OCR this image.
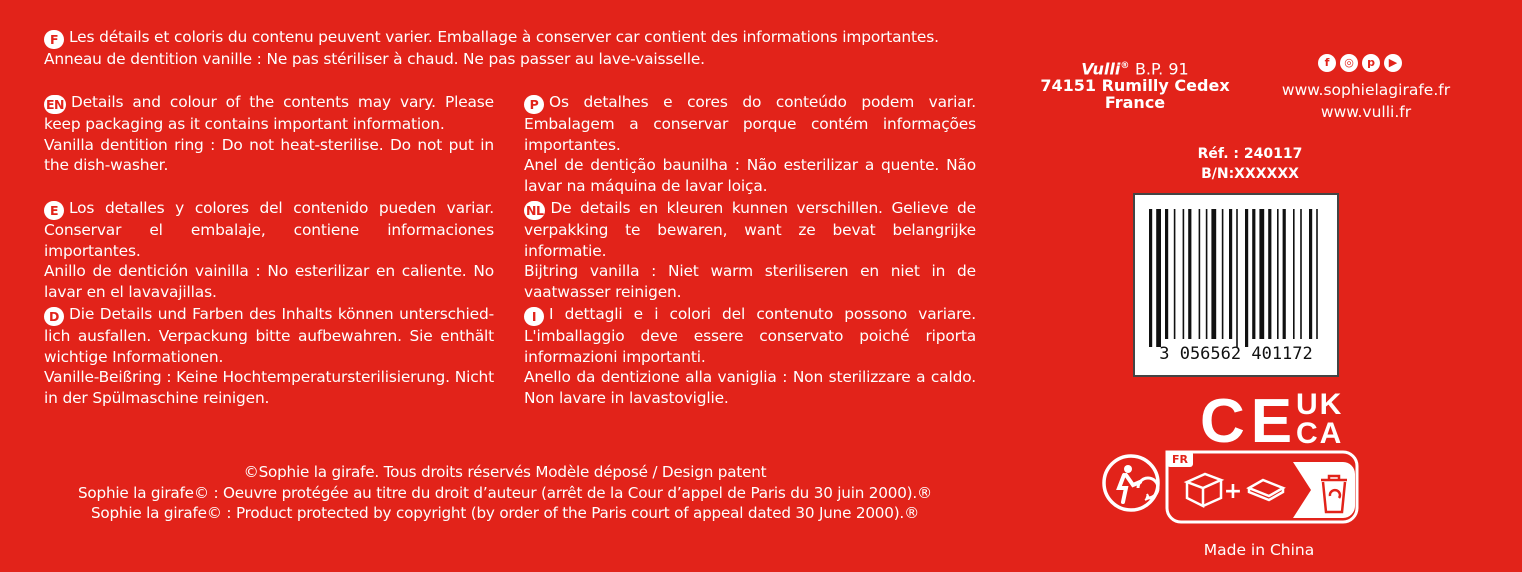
F Les détails et coloris du contenu peuvent varier. Emballage à conserver car contient des informations importantes.

Anneau de dentition vanille : Ne pas stériliser à chaud. Ne pas passer au lave-vaisselle.

EN Details and colour of the contents may vary. Please keep packaging as it contains important information.

Vanilla dentition ring : Do not heat-sterilise. Do not put in the dish-washer.

E Los detalles y colores del contenido pueden variar. Conservar el embalaje, contiene informaciones importantes.

Anillo de dentición vainilla : No esterilizar en caliente. No lavar en el lavavajillas.

D Die Details und Farben des Inhalts können unterschied-lich ausfallen. Verpackung bitte aufbewahren. Sie enthält wichtige Informationen.

Vanille-Beißring : Keine Hochtemperatursterilisierung. Nicht in der Spülmaschine reinigen.

P Os detalhes e cores do conteúdo podem variar. Embalagem a conservar porque contém informações importantes.

Anel de dentição baunilha : Não esterilizar a quente. Não lavar na máquina de lavar loiça.

NL De details en kleuren kunnen verschillen. Gelieve de verpakking te bewaren, want ze bevat belangrijke informatie.

Bijtring vanilla : Niet warm steriliseren en niet in de vaatwasser reinigen.

I I dettagli e i colori del contenuto possono variare. L'imballaggio deve essere conservato poiché riporta informazioni importanti.

Anello da dentizione alla vaniglia : Non sterilizzare a caldo. Non lavare in lavastoviglie.

©Sophie la girafe. Tous droits réservés Modèle déposé / Design patent

Sophie la girafe© : Oeuvre protégée au titre du droit d’auteur (arrêt de la Cour d’appel de Paris du 30 juin 2000).®

Sophie la girafe© : Product protected by copyright (by order of the Paris court of appeal dated 30 June 2000).®

Vulli® B.P. 91
74151 Rumilly Cedex
France
f	◎	p	▶
www.sophielagirafe.fr
www.vulli.fr
Réf. : 240117
B/N:XXXXXX
3 056562 401172
CE
UK
CA
FR
+
Made in China
